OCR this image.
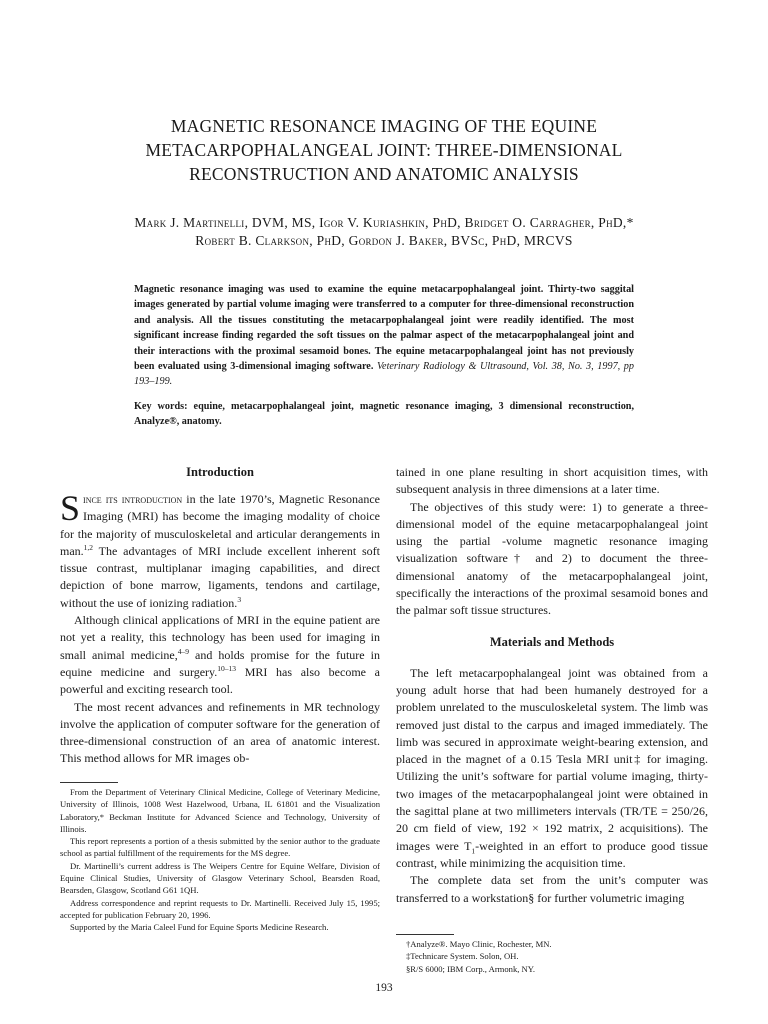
MAGNETIC RESONANCE IMAGING OF THE EQUINE
METACARPOPHALANGEAL JOINT: THREE-DIMENSIONAL
RECONSTRUCTION AND ANATOMIC ANALYSIS
Mark J. Martinelli, DVM, MS, Igor V. Kuriashkin, PhD, Bridget O. Carragher, PhD,*
Robert B. Clarkson, PhD, Gordon J. Baker, BVSc, PhD, MRCVS
Magnetic resonance imaging was used to examine the equine metacarpophalangeal joint. Thirty-two saggital images generated by partial volume imaging were transferred to a computer for three-dimensional reconstruction and analysis. All the tissues constituting the metacarpophalangeal joint were readily identified. The most significant increase finding regarded the soft tissues on the palmar aspect of the metacarpophalangeal joint and their interactions with the proximal sesamoid bones. The equine metacarpophalangeal joint has not previously been evaluated using 3-dimensional imaging software. Veterinary Radiology & Ultrasound, Vol. 38, No. 3, 1997, pp 193–199.
Key words: equine, metacarpophalangeal joint, magnetic resonance imaging, 3 dimensional reconstruction, Analyze®, anatomy.
Introduction

Since its introduction in the late 1970’s, Magnetic Resonance Imaging (MRI) has become the imaging modality of choice for the majority of musculoskeletal and articular derangements in man.$^{1,2}$ The advantages of MRI include excellent inherent soft tissue contrast, multiplanar imaging capabilities, and direct depiction of bone marrow, ligaments, tendons and cartilage, without the use of ionizing radiation.$^3$

Although clinical applications of MRI in the equine patient are not yet a reality, this technology has been used for imaging in small animal medicine,$^{4-9}$ and holds promise for the future in equine medicine and surgery.$^{10-13}$ MRI has also become a powerful and exciting research tool.

The most recent advances and refinements in MR technology involve the application of computer software for the generation of three-dimensional construction of an area of anatomic interest. This method allows for MR images ob-

tained in one plane resulting in short acquisition times, with subsequent analysis in three dimensions at a later time.

The objectives of this study were: 1) to generate a three-dimensional model of the equine metacarpophalangeal joint using the partial -volume magnetic resonance imaging visualization software† and 2) to document the three-dimensional anatomy of the metacarpophalangeal joint, specifically the interactions of the proximal sesamoid bones and the palmar soft tissue structures.

Materials and Methods

The left metacarpophalangeal joint was obtained from a young adult horse that had been humanely destroyed for a problem unrelated to the musculoskeletal system. The limb was removed just distal to the carpus and imaged immediately. The limb was secured in approximate weight-bearing extension, and placed in the magnet of a 0.15 Tesla MRI unit‡ for imaging. Utilizing the unit’s software for partial volume imaging, thirty-two images of the metacarpophalangeal joint were obtained in the sagittal plane at two millimeters intervals (TR/TE = 250/26, 20 cm field of view, 192 × 192 matrix, 2 acquisitions). The images were $T_1$-weighted in an effort to produce good tissue contrast, while minimizing the acquisition time.

The complete data set from the unit’s computer was transferred to a workstation§ for further volumetric imaging

From the Department of Veterinary Clinical Medicine, College of Veterinary Medicine, University of Illinois, 1008 West Hazelwood, Urbana, IL 61801 and the Visualization Laboratory,* Beckman Institute for Advanced Science and Technology, University of Illinois.

This report represents a portion of a thesis submitted by the senior author to the graduate school as partial fulfillment of the requirements for the MS degree.

Dr. Martinelli’s current address is The Weipers Centre for Equine Welfare, Division of Equine Clinical Studies, University of Glasgow Veterinary School, Bearsden Road, Bearsden, Glasgow, Scotland G61 1QH.

Address correspondence and reprint requests to Dr. Martinelli. Received July 15, 1995; accepted for publication February 20, 1996.

Supported by the Maria Caleel Fund for Equine Sports Medicine Research.

†Analyze®. Mayo Clinic, Rochester, MN.

‡Technicare System. Solon, OH.

§R/S 6000; IBM Corp., Armonk, NY.

193
